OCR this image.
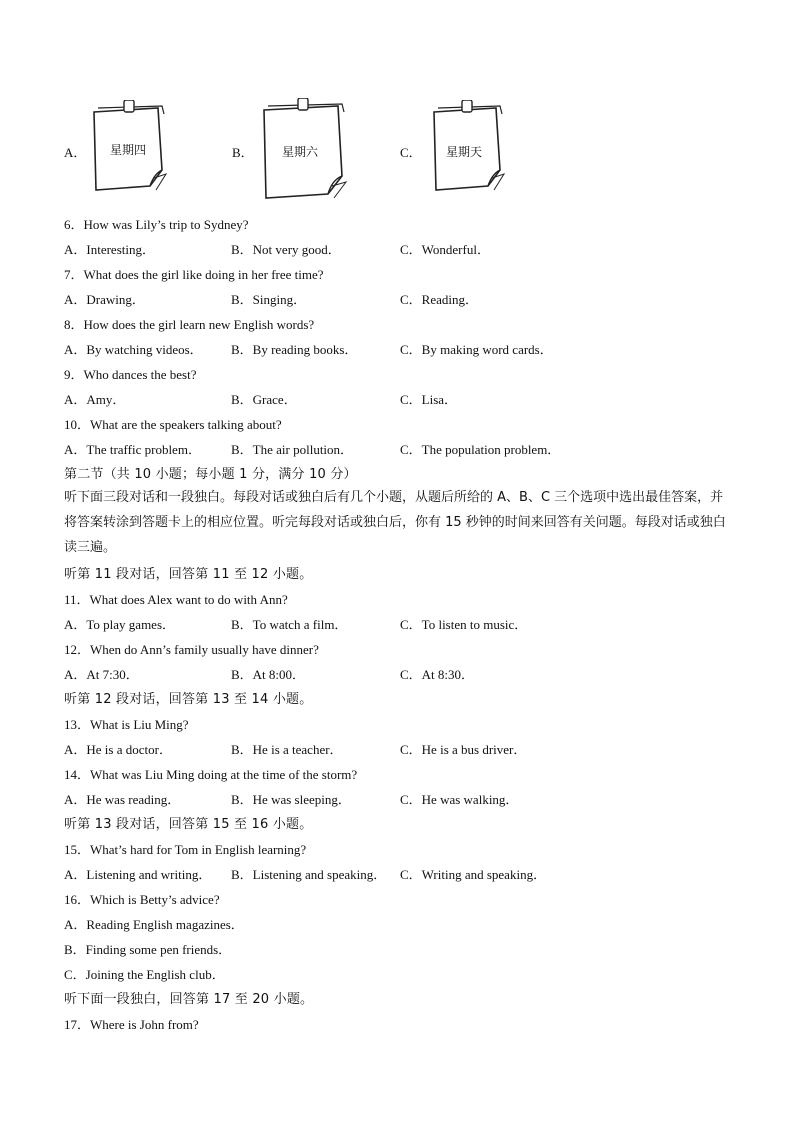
A． 星期四	B． 星期六	C． 星期天
6．How was Lily’s trip to Sydney?
A．Interesting．	B．Not very good．	C．Wonderful．
7．What does the girl like doing in her free time?
A．Drawing．	B．Singing．	C．Reading．
8．How does the girl learn new English words?
A．By watching videos． B．By reading books．	C．By making word cards．
9．Who dances the best?
A．Amy．	B．Grace．	C．Lisa．
10．What are the speakers talking about?
A．The traffic problem． B．The air pollution．	C．The population problem．
第二节（共 10 小题；每小题 1 分，满分 10 分）
听下面三段对话和一段独白。每段对话或独白后有几个小题，从题后所给的 A、B、C 三个选项中选出最佳答案，并将答案转涂到答题卡上的相应位置。听完每段对话或独白后，你有 15 秒钟的时间来回答有关问题。每段对话或独白读三遍。
听第 11 段对话，回答第 11 至 12 小题。
11．What does Alex want to do with Ann?
A．To play games．	B．To watch a film．	C．To listen to music．
12．When do Ann’s family usually have dinner?
A．At 7:30．	B．At 8:00．	C．At 8:30．
听第 12 段对话，回答第 13 至 14 小题。
13．What is Liu Ming?
A．He is a doctor．	B．He is a teacher．	C．He is a bus driver．
14．What was Liu Ming doing at the time of the storm?
A．He was reading．	B．He was sleeping．	C．He was walking．
听第 13 段对话，回答第 15 至 16 小题。
15．What’s hard for Tom in English learning?
A．Listening and writing． B．Listening and speaking． C．Writing and speaking．
16．Which is Betty’s advice?
A．Reading English magazines．
B．Finding some pen friends．
C．Joining the English club．
听下面一段独白，回答第 17 至 20 小题。
17．Where is John from?
